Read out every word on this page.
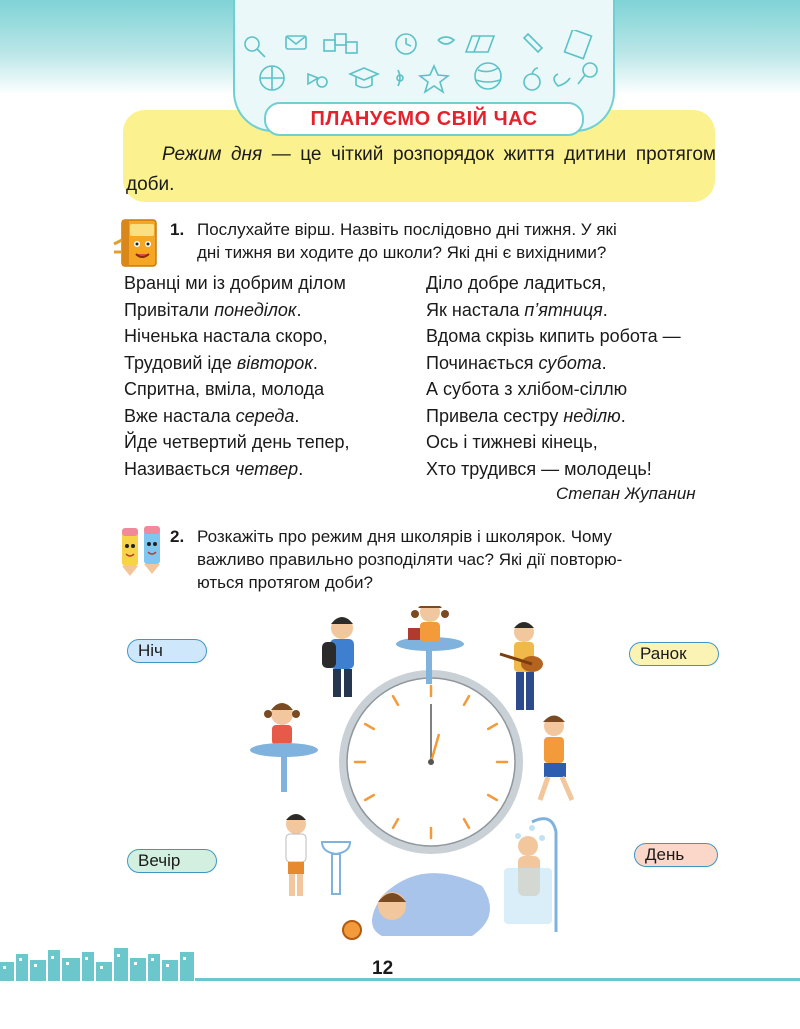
ПЛАНУЄМО СВІЙ ЧАС
Режим дня — це чіткий розпорядок життя дитини протягом доби.
1. Послухайте вірш. Назвіть послідовно дні тижня. У які
дні тижня ви ходите до школи? Які дні є вихідними?
Вранці ми із добрим ділом
Привітали понеділок.
Ніченька настала скоро,
Трудовий іде вівторок.
Спритна, вміла, молода
Вже настала середа.
Йде четвертий день тепер,
Називається четвер.
Діло добре ладиться,
Як настала п’ятниця.
Вдома скрізь кипить робота —
Починається субота.
А субота з хлібом-сіллю
Привела сестру неділю.
Ось і тижневі кінець,
Хто трудився — молодець!
Степан Жупанин
2. Розкажіть про режим дня школярів і школярок. Чому
важливо правильно розподіляти час? Які дії повторю-
ються протягом доби?
Ніч	Ранок
Вечір	День
12
